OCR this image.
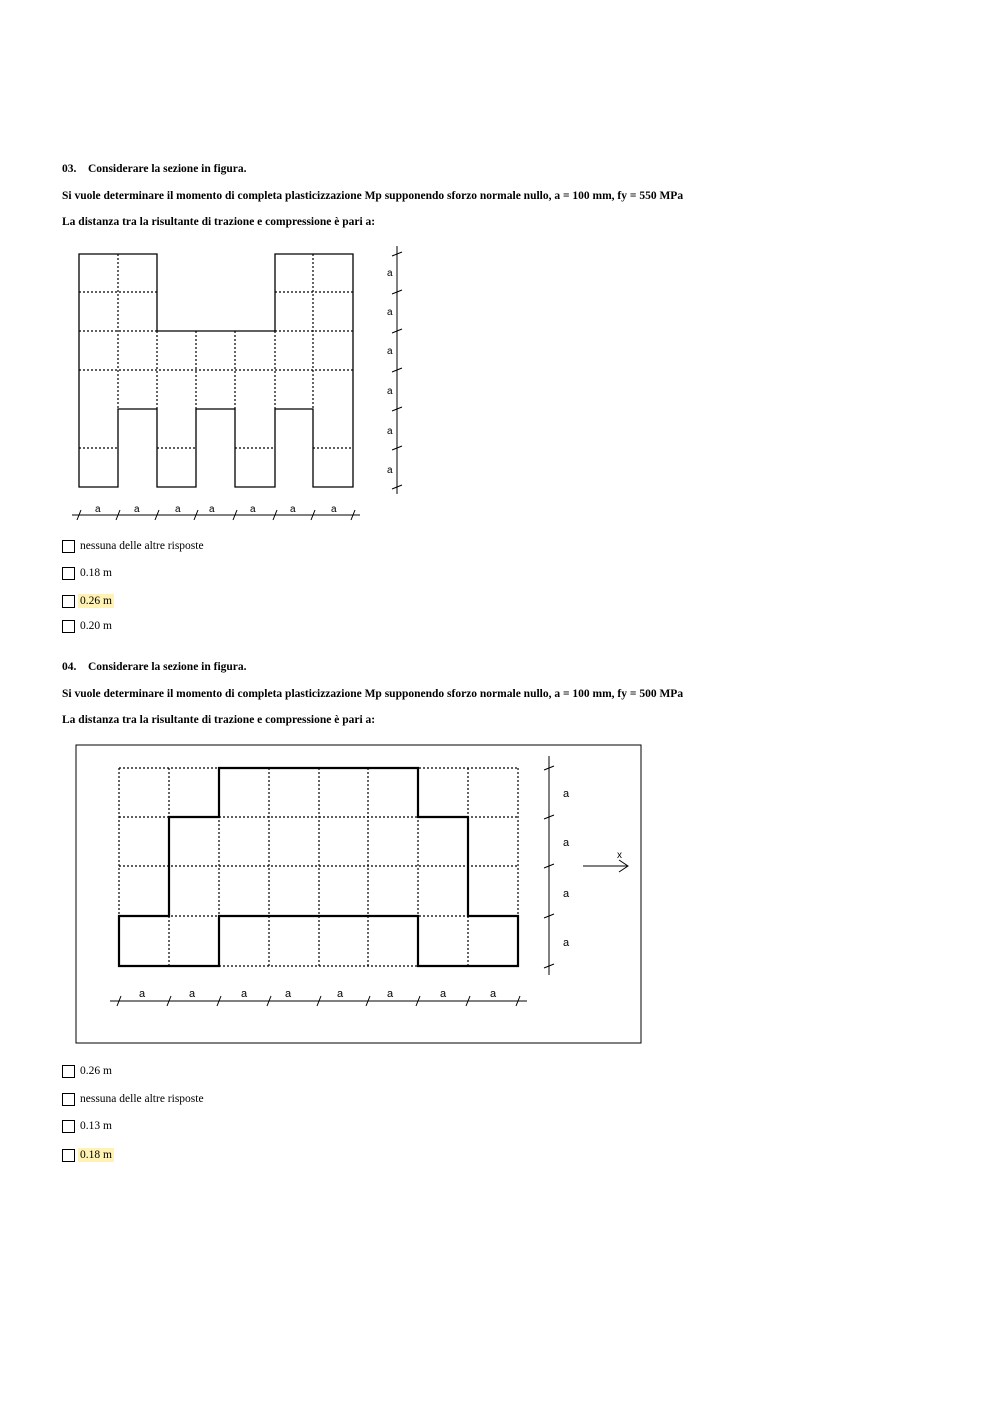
03. Considerare la sezione in figura.
Si vuole determinare il momento di completa plasticizzazione Mp supponendo sforzo normale nullo, a = 100 mm, fy = 550 MPa
La distanza tra la risultante di trazione e compressione è pari a:
a
a
a
a
a
a
a	a	a	a	a	a	a
nessuna delle altre risposte
0.18 m
0.26 m
0.20 m
04. Considerare la sezione in figura.
Si vuole determinare il momento di completa plasticizzazione Mp supponendo sforzo normale nullo, a = 100 mm, fy = 500 MPa
La distanza tra la risultante di trazione e compressione è pari a:
a
a
a
a
x
a	a	a	a	a	a	a	a
0.26 m
nessuna delle altre risposte
0.13 m
0.18 m
